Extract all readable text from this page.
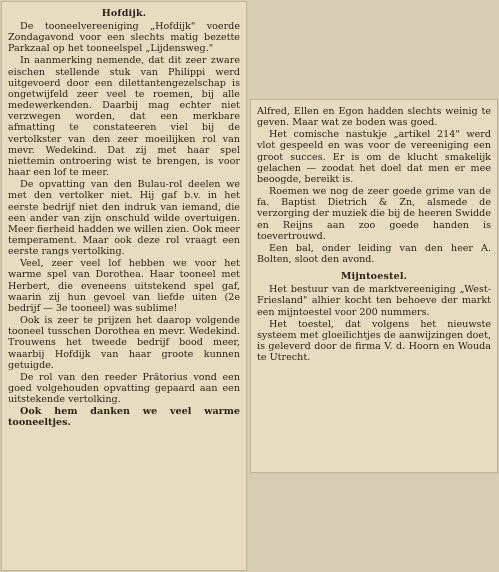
Hofdijk.

De tooneelvereeniging „Hofdijk" voerde Zondagavond voor een slechts matig bezette Parkzaal op het tooneelspel „Lijdensweg."

In aanmerking nemende, dat dit zeer zware eischen stellende stuk van Philippi werd uitgevoerd door een dilettantengezelschap is ongetwijfeld zeer veel te roemen, bij alle medewerkenden. Daarbij mag echter niet verzwegen worden, dat een merkbare afmatting te constateeren viel bij de vertolkster van den zeer moeilijken rol van mevr. Wedekind. Dat zij met haar spel niettemin ontroering wist te brengen, is voor haar een lof te meer.

De opvatting van den Bulau-rol deelen we met den vertolker niet. Hij gaf b.v. in het eerste bedrijf niet den indruk van iemand, die een ander van zijn onschuld wilde overtuigen. Meer fierheid hadden we willen zien. Ook meer temperament. Maar ook deze rol vraagt een eerste rangs vertolking.

Veel, zeer veel lof hebben we voor het warme spel van Dorothea. Haar tooneel met Herbert, die eveneens uitstekend spel gaf, waarin zij hun gevoel van liefde uiten (2e bedrijf — 3e tooneel) was sublime!

Ook is zeer te prijzen het daarop volgende tooneel tusschen Dorothea en mevr. Wedekind. Trouwens het tweede bedrijf bood meer, waarbij Hofdijk van haar groote kunnen getuigde.

De rol van den reeder Prätorius vond een goed volgehouden opvatting gepaard aan een uitstekende vertolking.

Ook hem danken we veel warme tooneeltjes.

Alfred, Ellen en Egon hadden slechts weinig te geven. Maar wat ze boden was goed.

Het comische nastukje „artikel 214" werd vlot gespeeld en was voor de vereeniging een groot succes. Er is om de klucht smakelijk gelachen — zoodat het doel dat men er mee beoogde, bereikt is.

Roemen we nog de zeer goede grime van de fa. Baptist Dietrich & Zn, alsmede de verzorging der muziek die bij de heeren Swidde en Reijns aan zoo goede handen is toevertrouwd.

Een bal, onder leiding van den heer A. Bolten, sloot den avond.

Mijntoestel.

Het bestuur van de marktvereeniging „West-Friesland" alhier kocht ten behoeve der markt een mijntoestel voor 200 nummers.

Het toestel, dat volgens het nieuwste systeem met gloeilichtjes de aanwijzingen doet, is geleverd door de firma V. d. Hoorn en Wouda te Utrecht.
